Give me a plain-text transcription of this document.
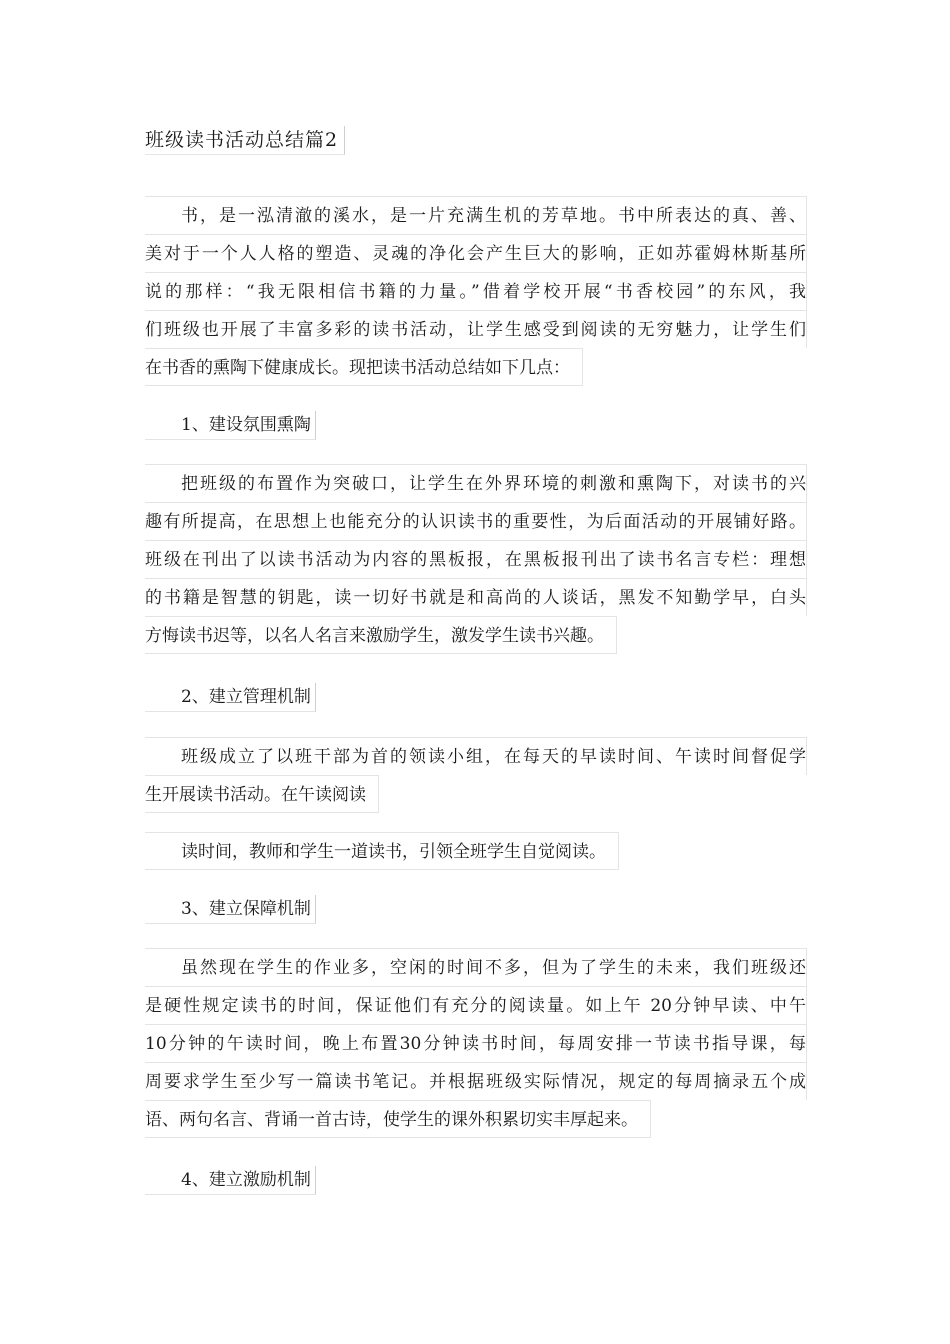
班级读书活动总结篇2
书，是一泓清澈的溪水，是一片充满生机的芳草地。书中所表达的真、善、
美对于一个人人格的塑造、灵魂的净化会产生巨大的影响，正如苏霍姆林斯基所
说的那样：“我无限相信书籍的力量。”借着学校开展“书香校园”的东风，我
们班级也开展了丰富多彩的读书活动，让学生感受到阅读的无穷魅力，让学生们
在书香的熏陶下健康成长。现把读书活动总结如下几点：
1、建设氛围熏陶
把班级的布置作为突破口，让学生在外界环境的刺激和熏陶下，对读书的兴
趣有所提高，在思想上也能充分的认识读书的重要性，为后面活动的开展铺好路。
班级在刊出了以读书活动为内容的黑板报，在黑板报刊出了读书名言专栏：理想
的书籍是智慧的钥匙，读一切好书就是和高尚的人谈话，黑发不知勤学早，白头
方悔读书迟等，以名人名言来激励学生，激发学生读书兴趣。
2、建立管理机制
班级成立了以班干部为首的领读小组，在每天的早读时间、午读时间督促学
生开展读书活动。在午读阅读
读时间，教师和学生一道读书，引领全班学生自觉阅读。
3、建立保障机制
虽然现在学生的作业多，空闲的时间不多，但为了学生的未来，我们班级还
是硬性规定读书的时间，保证他们有充分的阅读量。如上午 20分钟早读、中午
10分钟的午读时间，晚上布置30分钟读书时间，每周安排一节读书指导课，每
周要求学生至少写一篇读书笔记。并根据班级实际情况，规定的每周摘录五个成
语、两句名言、背诵一首古诗，使学生的课外积累切实丰厚起来。
4、建立激励机制
